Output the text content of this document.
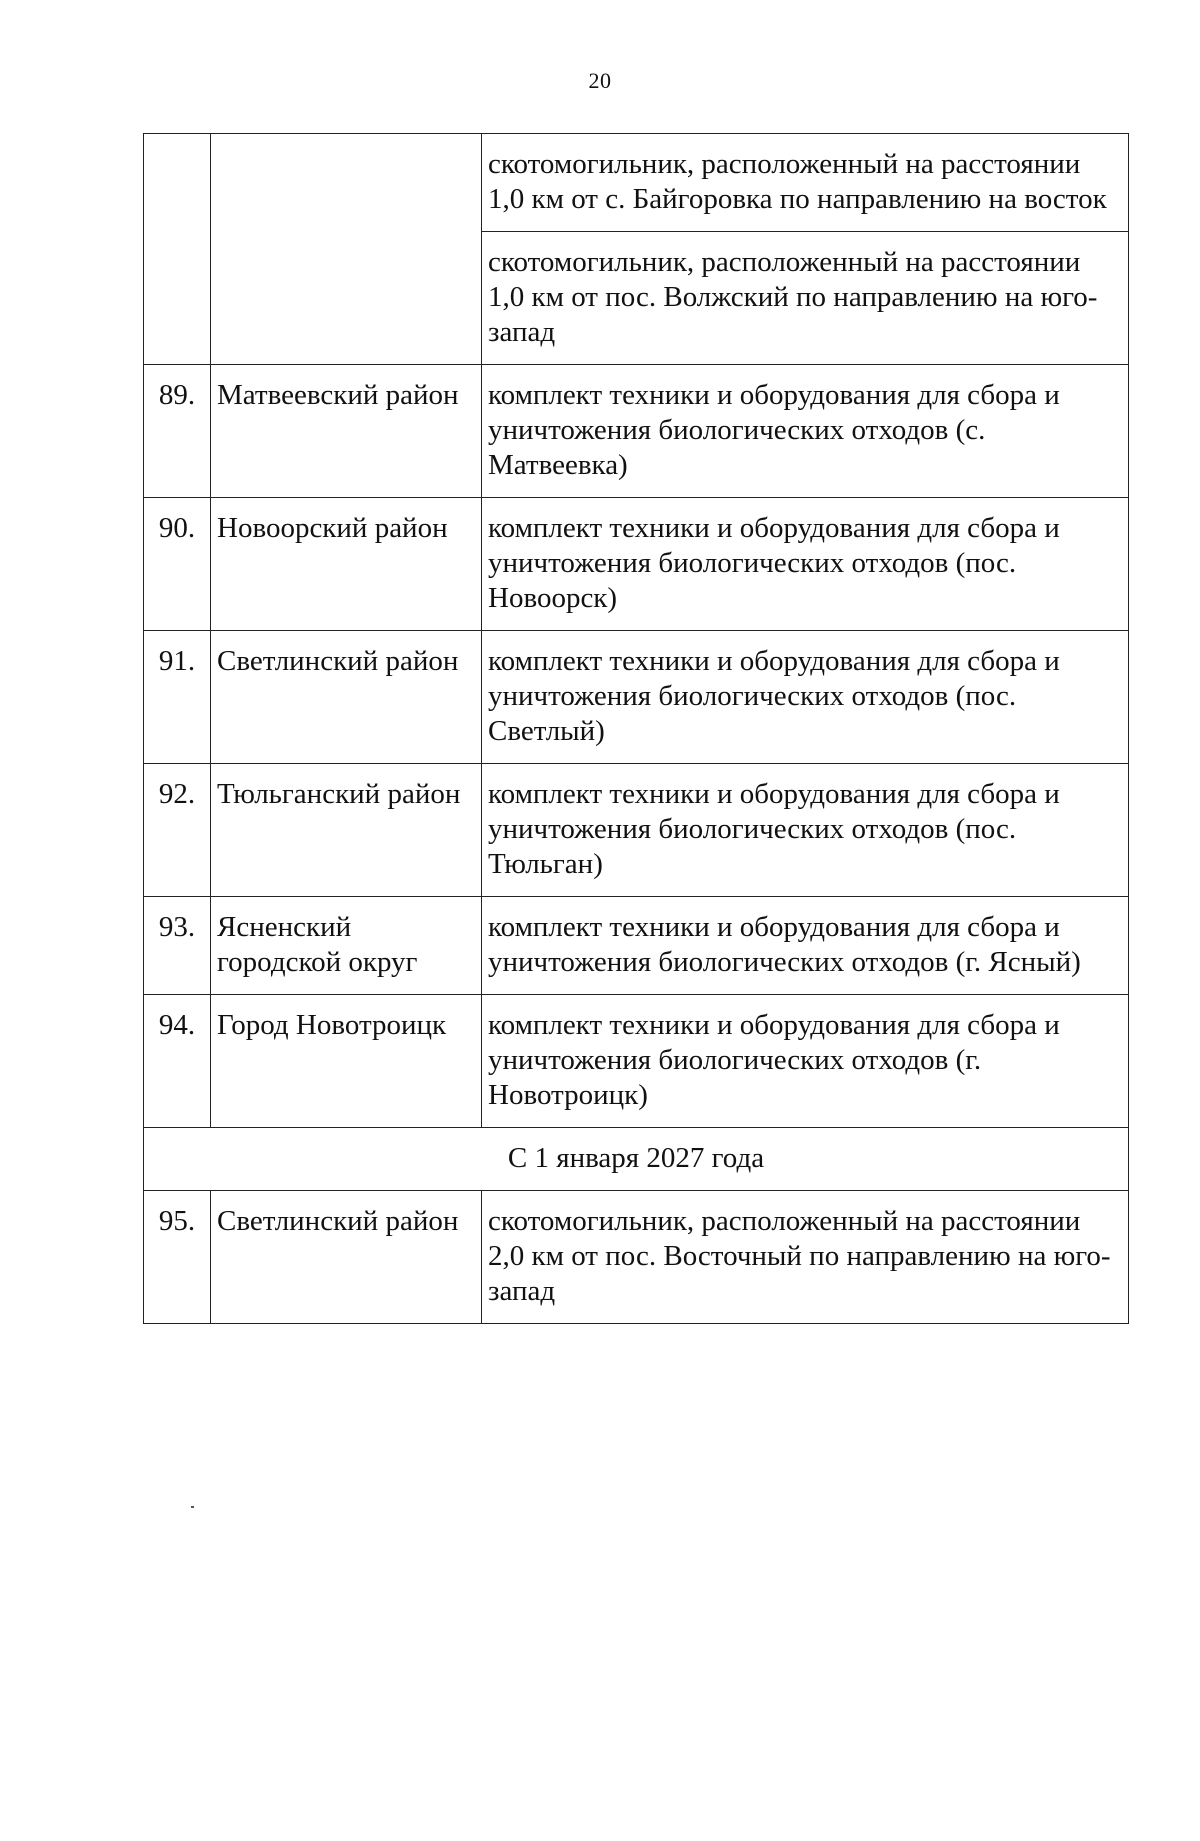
20
		скотомогильник, расположенный на расстоянии 1,0 км от с. Байгоровка по направлению на восток
		скотомогильник, расположенный на расстоянии 1,0 км от пос. Волжский по направлению на юго-запад
89.	Матвеевский район	комплект техники и оборудования для сбора и уничтожения биологических отходов (с. Матвеевка)
90.	Новоорский район	комплект техники и оборудования для сбора и уничтожения биологических отходов (пос. Новоорск)
91.	Светлинский район	комплект техники и оборудования для сбора и уничтожения биологических отходов (пос. Светлый)
92.	Тюльганский район	комплект техники и оборудования для сбора и уничтожения биологических отходов (пос. Тюльган)
93.	Ясненский городской округ	комплект техники и оборудования для сбора и уничтожения биологических отходов (г. Ясный)
94.	Город Новотроицк	комплект техники и оборудования для сбора и уничтожения биологических отходов (г. Новотроицк)
С 1 января 2027 года		
95.	Светлинский район	скотомогильник, расположенный на расстоянии 2,0 км от пос. Восточный по направлению на юго-запад
